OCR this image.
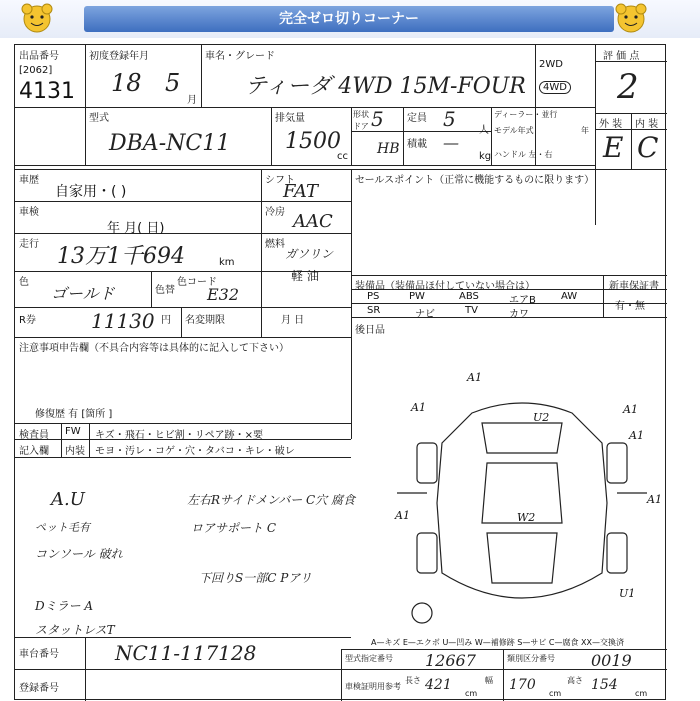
完全ゼロ切りコーナー
出品番号
[2062]
4131
初度登録年月
18 5
月
車名・グレード
ティーダ 4WD 15M-FOUR
2WD
4WD
評 価 点
2
型式
DBA-NC11
排気量
1500
cc
形状
ドア 5
HB
定員 5 人
積載 —
kg
ディーラー・並行
モデル年式	年
ハンドル 左・右
外 装 内 装
E C
車歴
自家用・( )
シフト
FAT
セールスポイント（正常に機能するものに限ります）
車検
年 月( 日)
冷房 AAC
走行 13万1千694	km
燃料
ガソリン
軽 油
色
ゴールド	色替
色コード
E32
R券	11130 円 名変期限	月 日
注意事項申告欄（不具合内容等は具体的に記入して下さい）
修復歴 有 [箇所 ]
装備品（装備品ほ付していない場合は）	新車保証書
有・無
PS	PW	ABS	エアB	AW
SR	ナビ	TV	カワ
後日品
検査員 FW キズ・飛石・ヒビ割・リペア跡・×要
記入欄 内装 モヨ・汚レ・コゲ・穴・タバコ・キレ・破レ
A.U
ペット毛有
コンソール 破れ
左右Rサイドメンバー C穴 腐食
ロアサポート C
下回りS一部C Pアリ
Dミラー A
スタットレスT
A1
A1	A1
A1
A1
A1
U2
W2
U1
A—キズ E—エクボ U—凹み W—補修跡 S—サビ C—腐食 XX—交換済
車台番号	NC11-117128
登録番号
型式指定番号 12667	類別区分番号 0019
車検証明用参考
長さ 421
cm
幅 170
cm
高さ 154
cm
